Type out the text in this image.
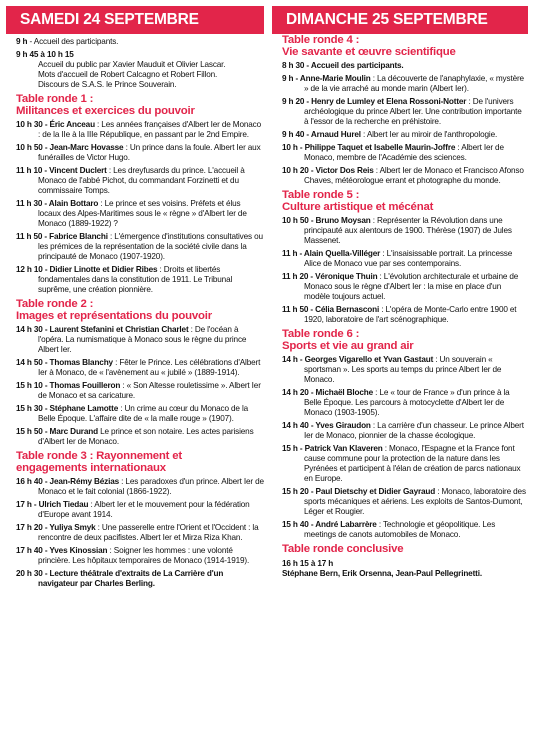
SAMEDI 24 SEPTEMBRE
9 h - Accueil des participants.
9 h 45 à 10 h 15
Accueil du public par Xavier Mauduit et Olivier Lascar.
Mots d'accueil de Robert Calcagno et Robert Fillon.
Discours de S.A.S. le Prince Souverain.
Table ronde 1 :
Militances et exercices du pouvoir
10 h 30 - Éric Anceau : Les années françaises d'Albert Ier de Monaco : de la IIe à la IIIe République, en passant par le 2nd Empire.
10 h 50 - Jean-Marc Hovasse : Un prince dans la foule. Albert Ier aux funérailles de Victor Hugo.
11 h 10 - Vincent Duclert : Les dreyfusards du prince. L'accueil à Monaco de l'abbé Pichot, du commandant Forzinetti et du commissaire Tomps.
11 h 30 - Alain Bottaro : Le prince et ses voisins. Préfets et élus locaux des Alpes-Maritimes sous le « règne » d'Albert Ier de Monaco (1889-1922) ?
11 h 50 - Fabrice Blanchi : L'émergence d'institutions consultatives ou les prémices de la représentation de la société civile dans la principauté de Monaco (1907-1920).
12 h 10 - Didier Linotte et Didier Ribes : Droits et libertés fondamentales dans la constitution de 1911. Le Tribunal suprême, une création pionnière.
Table ronde 2 :
Images et représentations du pouvoir
14 h 30 - Laurent Stefanini et Christian Charlet : De l'océan à l'opéra. La numismatique à Monaco sous le règne du prince Albert Ier.
14 h 50 - Thomas Blanchy : Fêter le Prince. Les célébrations d'Albert Ier à Monaco, de « l'avènement au « jubilé » (1889-1914).
15 h 10 - Thomas Fouilleron : « Son Altesse rouletissime ». Albert Ier de Monaco et sa caricature.
15 h 30 - Stéphane Lamotte : Un crime au cœur du Monaco de la Belle Époque. L'affaire dite de « la malle rouge » (1907).
15 h 50 - Marc Durand Le prince et son notaire. Les actes parisiens d'Albert Ier de Monaco.
Table ronde 3 : Rayonnement et
engagements internationaux
16 h 40 - Jean-Rémy Bézias : Les paradoxes d'un prince. Albert Ier de Monaco et le fait colonial (1866-1922).
17 h - Ulrich Tiedau : Albert Ier et le mouvement pour la fédération d'Europe avant 1914.
17 h 20 - Yuliya Smyk : Une passerelle entre l'Orient et l'Occident : la rencontre de deux pacifistes. Albert Ier et Mirza Riza Khan.
17 h 40 - Yves Kinossian : Soigner les hommes : une volonté princière. Les hôpitaux temporaires de Monaco (1914-1919).
20 h 30 - Lecture théâtrale d'extraits de La Carrière d'un navigateur par Charles Berling.
DIMANCHE 25 SEPTEMBRE
Table ronde 4 :
Vie savante et œuvre scientifique
8 h 30 - Accueil des participants.
9 h - Anne-Marie Moulin : La découverte de l'anaphylaxie, « mystère » de la vie arraché au monde marin (Albert Ier).
9 h 20 - Henry de Lumley et Elena Rossoni-Notter : De l'univers archéologique du prince Albert Ier. Une contribution importante à l'essor de la recherche en préhistoire.
9 h 40 - Arnaud Hurel : Albert Ier au miroir de l'anthropologie.
10 h - Philippe Taquet et Isabelle Maurin-Joffre : Albert Ier de Monaco, membre de l'Académie des sciences.
10 h 20 - Victor Dos Reis : Albert Ier de Monaco et Francisco Afonso Chaves, météorologue errant et photographe du monde.
Table ronde 5 :
Culture artistique et mécénat
10 h 50 - Bruno Moysan : Représenter la Révolution dans une principauté aux alentours de 1900. Thérèse (1907) de Jules Massenet.
11 h - Alain Quella-Villéger : L'insaisissable portrait. La princesse Alice de Monaco vue par ses contemporains.
11 h 20 - Véronique Thuin : L'évolution architecturale et urbaine de Monaco sous le règne d'Albert Ier : la mise en place d'un modèle toujours actuel.
11 h 50 - Célia Bernasconi : L'opéra de Monte-Carlo entre 1900 et 1920, laboratoire de l'art scénographique.
Table ronde 6 :
Sports et vie au grand air
14 h - Georges Vigarello et Yvan Gastaut : Un souverain « sportsman ». Les sports au temps du prince Albert Ier de Monaco.
14 h 20 - Michaël Bloche : Le « tour de France » d'un prince à la Belle Époque. Les parcours à motocyclette d'Albert Ier de Monaco (1903-1905).
14 h 40 - Yves Giraudon : La carrière d'un chasseur. Le prince Albert Ier de Monaco, pionnier de la chasse écologique.
15 h - Patrick Van Klaveren : Monaco, l'Espagne et la France font cause commune pour la protection de la nature dans les Pyrénées et participent à l'élan de création de parcs nationaux en Europe.
15 h 20 - Paul Dietschy et Didier Gayraud : Monaco, laboratoire des sports mécaniques et aériens. Les exploits de Santos-Dumont, Léger et Rougier.
15 h 40 - André Labarrère : Technologie et géopolitique. Les meetings de canots automobiles de Monaco.
Table ronde conclusive
16 h 15 à 17 h
Stéphane Bern, Erik Orsenna, Jean-Paul Pellegrinetti.
